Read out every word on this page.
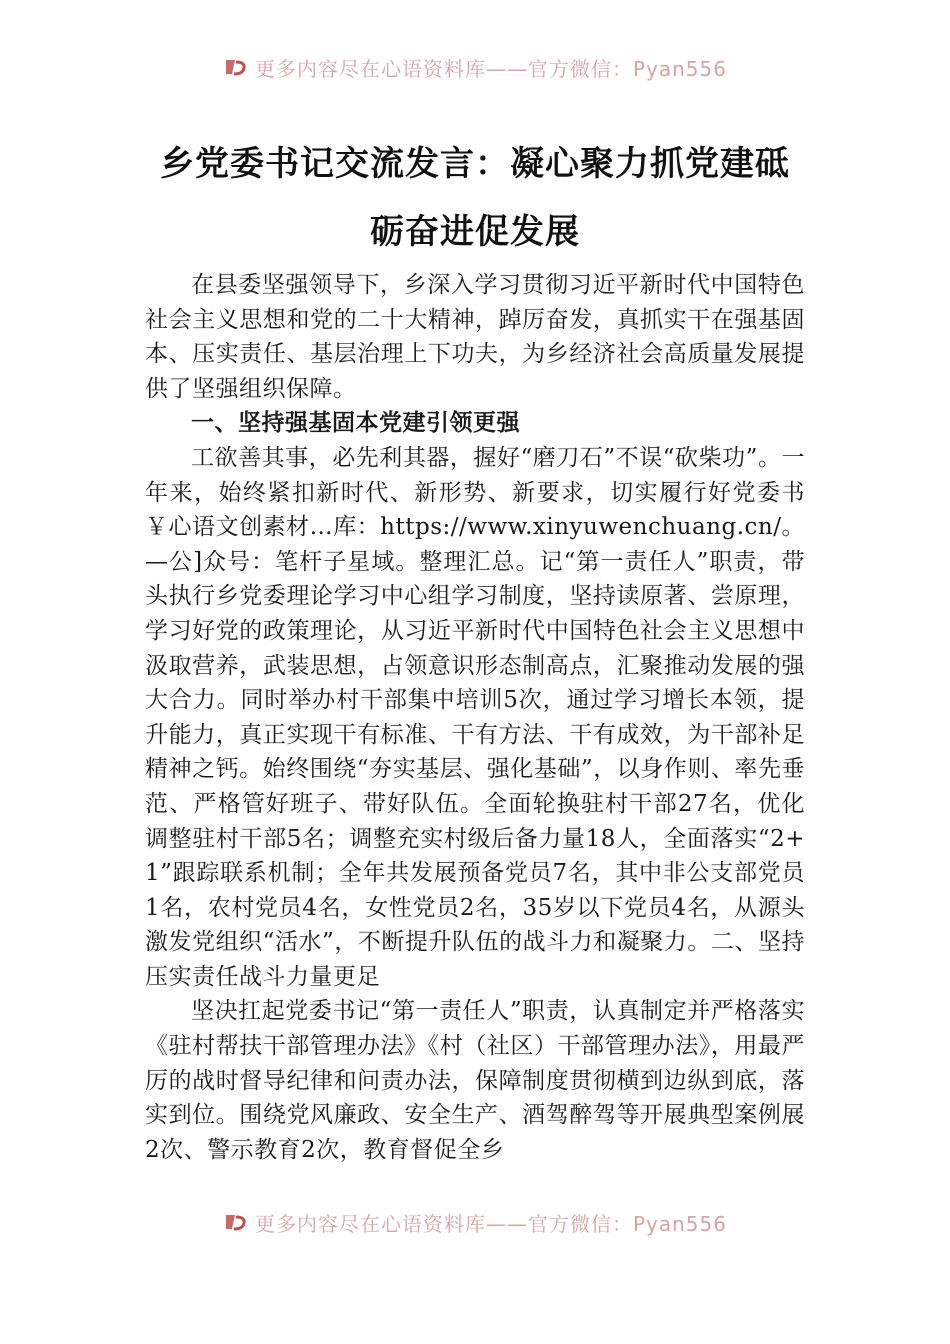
更多内容尽在心语资料库——官方微信：Pyan556
乡党委书记交流发言：凝心聚力抓党建砥
砺奋进促发展

在县委坚强领导下，乡深入学习贯彻习近平新时代中国特色社会主义思想和党的二十大精神，踔厉奋发，真抓实干在强基固本、压实责任、基层治理上下功夫，为乡经济社会高质量发展提供了坚强组织保障。

一、坚持强基固本党建引领更强

工欲善其事，必先利其器，握好“磨刀石”不误“砍柴功”。一年来，始终紧扣新时代、新形势、新要求，切实履行好党委书￥心语文创素材…库：https://www.xinyuwenchuang.cn/。—公]众号：笔杆子星域。整理汇总。记“第一责任人”职责，带头执行乡党委理论学习中心组学习制度，坚持读原著、尝原理，学习好党的政策理论，从习近平新时代中国特色社会主义思想中汲取营养，武装思想，占领意识形态制高点，汇聚推动发展的强大合力。同时举办村干部集中培训5次，通过学习增长本领，提升能力，真正实现干有标准、干有方法、干有成效，为干部补足精神之钙。始终围绕“夯实基层、强化基础”，以身作则、率先垂范、严格管好班子、带好队伍。全面轮换驻村干部27名，优化调整驻村干部5名；调整充实村级后备力量18人，全面落实“2+1”跟踪联系机制；全年共发展预备党员7名，其中非公支部党员1名，农村党员4名，女性党员2名，35岁以下党员4名，从源头激发党组织“活水”，不断提升队伍的战斗力和凝聚力。二、坚持压实责任战斗力量更足

坚决扛起党委书记“第一责任人”职责，认真制定并严格落实《驻村帮扶干部管理办法》《村（社区）干部管理办法》，用最严厉的战时督导纪律和问责办法，保障制度贯彻横到边纵到底，落实到位。围绕党风廉政、安全生产、酒驾醉驾等开展典型案例展2次、警示教育2次，教育督促全乡

更多内容尽在心语资料库——官方微信：Pyan556
